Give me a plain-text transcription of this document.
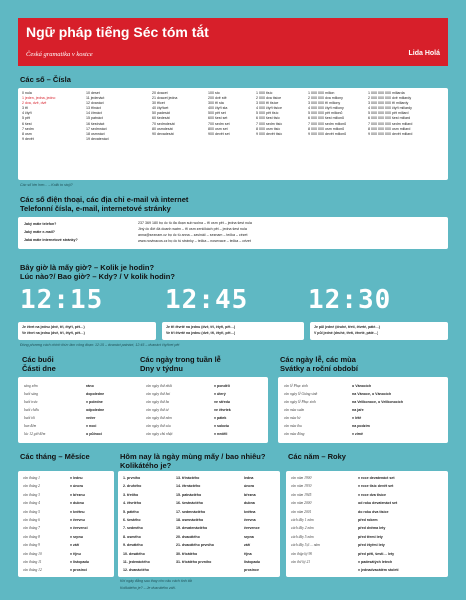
Ngữ pháp tiếng Séc tóm tắt
Česká gramatika v kostce	Lida Holá
Các số – Čísla
0 nula
1 jeden, jedna, jedno
2 dva, dvě, dvě
3 tři
4 čtyři
5 pět
6 šest
7 sedm
8 osm
9 devět
10 deset
11 jedenáct
12 dvanáct
13 třináct
14 čtrnáct
15 patnáct
16 šestnáct
17 sedmnáct
18 osmnáct
19 devatenáct
20 dvacet
21 dvacet jedna
30 třicet
40 čtyřicet
50 padesát
60 šedesát
70 sedmdesát
80 osmdesát
90 devadesát
100 sto
200 dvě stě
300 tři sta
400 čtyři sta
500 pět set
600 šest set
700 sedm set
800 osm set
900 devět set
1 000 tisíc
2 000 dva tisíce
3 000 tři tisíce
4 000 čtyři tisíce
5 000 pět tisíc
6 000 šest tisíc
7 000 sedm tisíc
8 000 osm tisíc
9 000 devět tisíc
1 000 000 milion
2 000 000 dva miliony
3 000 000 tři miliony
4 000 000 čtyři miliony
5 000 000 pět milionů
6 000 000 šest milionů
7 000 000 sedm milionů
8 000 000 osm milionů
9 000 000 devět milionů
1 000 000 000 miliarda
2 000 000 000 dvě miliardy
3 000 000 000 tři miliardy
4 000 000 000 čtyři miliardy
5 000 000 000 pět miliard
6 000 000 000 šest miliard
7 000 000 000 sedm miliard
8 000 000 000 osm miliard
9 000 000 000 devět miliard
Các số lớn hơn... – Kolik to stojí?
Các số điện thoại, các địa chỉ e-mail và internet
Telefonní čísla, e-mail, internetové stránky
Jaký máte telefon?
Jaký máte e-mail?
Jaká máte internetové stránky?
237 369 180 bọ ốc tù đa đoạn sub wolna – tři osm pět – jedna šest nula
Jiný ốc đời đá doanh watm – tři osm zeničkách pět – jedna šest nula
anna@seznam.cz bọ ốc tù anna – zavináč – seznam – tečka – cézet
www.novinacos.cz bọ ốc tù stránky – tečka – nosevace – tečka – cézet
Bây giờ là mấy giờ? – Kolik je hodin?
Lúc nào?/ Bao giờ? – Kdy? / V kolik hodin?
12:15 12:45 12:30
Je čtvrt na jednu (dvě, tři, čtyři, pět…)
Ve čtvrt na jednu (dvě, tři, čtyři, pět…)
Je tři čtvrtě na jednu (dvě, tři, čtyři, pět…)
Ve tři čtvrtě na jednu (dvě, tři, čtyři, pět…)
Je půl jedné (druhé, třetí, čtvrté, páté…)
V půl jedné (druhé, třetí, čtvrté, páté…)
Đồng phương cách chính thức làm công đoạn: 12:15 – dvanáct patnáct, 12:45 – dvanáct čtyřicet pět
Các buổi
Části dne
sáng sớm
buổi sáng
buổi trưa
buổi chiều
buổi tối
ban đêm
lúc 12 giờ đêm
ráno
dopoledne
v poledne
odpoledne
večer
v noci
o půlnoci
Các ngày trong tuần lễ
Dny v týdnu
vào ngày thứ nhất
vào ngày thứ hai
vào ngày thứ ba
vào ngày thứ tư
vào ngày thứ năm
vào ngày thứ sáu
vào ngày chủ nhật
v pondělí
v úterý
ve středu
ve čtvrtek
v pátek
v sobotu
v neděli
Các ngày lễ, các mùa
Svátky a roční období
vào lễ Phục sinh
vào ngày lễ Giáng sinh
vào ngày lễ Phục sinh
vào mùa xuân
vào mùa hè
vào mùa thu
vào mùa đông
o Vánocích
na Vánoce, o Vánocích
na Velikonoce, o Velikonocích
na jaře
v létě
na podzim
v zimě
Các tháng – Měsíce
vào tháng 1
vào tháng 2
vào tháng 3
vào tháng 4
vào tháng 5
vào tháng 6
vào tháng 7
vào tháng 8
vào tháng 9
vào tháng 10
vào tháng 11
vào tháng 12
v lednu
v únoru
v březnu
v dubnu
v květnu
v červnu
v červenci
v srpnu
v září
v říjnu
v listopadu
v prosinci
Hôm nay là ngày mùng mấy / bao nhiêu?
Kolikátého je?
1. prvního
2. druhého
3. třetího
4. čtvrtého
5. pátého
6. šestého
7. sedmého
8. osmého
9. devátého
10. desátého
11. jedenáctého
12. dvanáctého
13. třináctého
14. čtrnáctého
15. patnáctého
16. šestnáctého
17. sedmnáctého
18. osmnáctého
19. devatenáctého
20. dvacátého
21. dvacátého prvního
30. třicátého
31. třicátého prvního
ledna
února
března
dubna
května
června
července
srpna
září
října
listopadu
prosince
Khi ngày đằng sau thay cho câu cách tính tắt
Kolikátého je? – Je dvacátého září.
Các năm – Roky
vào năm 1900
vào năm 1930
vào năm 1945
vào năm 2000
vào năm 2001
cách đây 1 năm
cách đây 2 năm
cách đây 5 năm
cách đây 5,6 ... năm
vào thập kỷ 90
vào thế kỷ 21
v roce devatenáct set
v roce tisíc devět set
v roce dva tisíce
od roku devatenáct set
do roku dva tisíce
před rokem
před dvěma lety
před třemi lety
před čtyřmi lety
před pěti, šesti… lety
v padesátých letech
v jednadvacátém století
